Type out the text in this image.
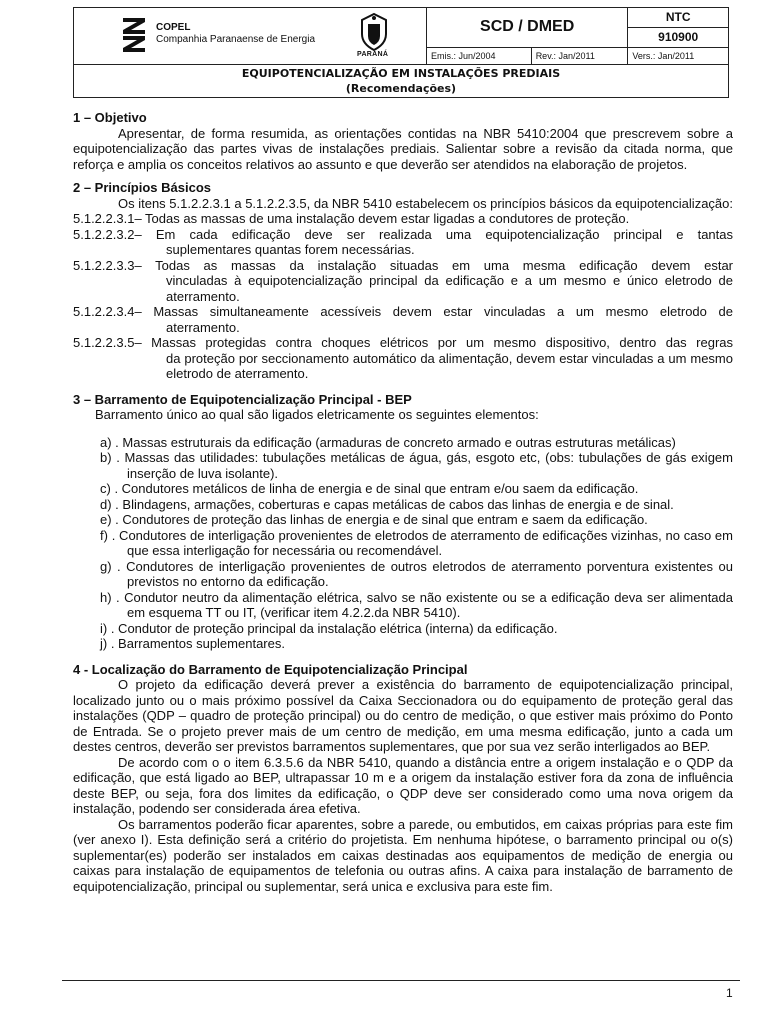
COPEL
Companhia Paranaense de Energia
PARANÁ	SCD / DMED		NTC
			910900
	Emis.: Jun/2004	Rev.: Jan/2011	Vers.: Jan/2011

EQUIPOTENCIALIZAÇÃO EM INSTALAÇÕES PREDIAIS
(Recomendações)			

1 – Objetivo

Apresentar, de forma resumida, as orientações contidas na NBR 5410:2004 que prescrevem sobre a equipotencialização das partes vivas de instalações prediais. Salientar sobre a revisão da citada norma, que reforça e amplia os conceitos relativos ao assunto e que deverão ser atendidos na elaboração de projetos.

2 – Princípios Básicos

Os itens 5.1.2.2.3.1 a 5.1.2.2.3.5, da NBR 5410 estabelecem os princípios básicos da equipotencialização:

5.1.2.2.3.1 – Todas as massas de uma instalação devem estar ligadas a condutores de proteção.
5.1.2.2.3.2 – Em cada edificação deve ser realizada uma equipotencialização principal e tantas

suplementares quantas forem necessárias.

5.1.2.2.3.3 – Todas as massas da instalação situadas em uma mesma edificação devem estar

vinculadas à equipotencialização principal da edificação e a um mesmo e único eletrodo de aterramento.

5.1.2.2.3.4 – Massas simultaneamente acessíveis devem estar vinculadas a um mesmo eletrodo de

aterramento.

5.1.2.2.3.5 – Massas protegidas contra choques elétricos por um mesmo dispositivo, dentro das regras

da proteção por seccionamento automático da alimentação, devem estar vinculadas a um mesmo eletrodo de aterramento.

3 – Barramento de Equipotencialização Principal - BEP

Barramento único ao qual são ligados eletricamente os seguintes elementos:

a) . Massas estruturais da edificação (armaduras de concreto armado e outras estruturas metálicas)

b) . Massas das utilidades: tubulações metálicas de água, gás, esgoto etc, (obs: tubulações de gás exigem inserção de luva isolante).

c) . Condutores metálicos de linha de energia e de sinal que entram e/ou saem da edificação.

d) . Blindagens, armações, coberturas e capas metálicas de cabos das linhas de energia e de sinal.

e) . Condutores de proteção das linhas de energia e de sinal que entram e saem da edificação.

f) . Condutores de interligação provenientes de eletrodos de aterramento de edificações vizinhas, no caso em que essa interligação for necessária ou recomendável.

g) . Condutores de interligação provenientes de outros eletrodos de aterramento porventura existentes ou previstos no entorno da edificação.

h) . Condutor neutro da alimentação elétrica, salvo se não existente ou se a edificação deva ser alimentada em esquema TT ou IT, (verificar item 4.2.2.da NBR 5410).

i) . Condutor de proteção principal da instalação elétrica (interna) da edificação.

j) . Barramentos suplementares.

4 - Localização do Barramento de Equipotencialização Principal

O projeto da edificação deverá prever a existência do barramento de equipotencialização principal, localizado junto ou o mais próximo possível da Caixa Seccionadora ou do equipamento de proteção geral das instalações (QDP – quadro de proteção principal) ou do centro de medição, o que estiver mais próximo do Ponto de Entrada. Se o projeto prever mais de um centro de medição, em uma mesma edificação, junto a cada um destes centros, deverão ser previstos barramentos suplementares, que por sua vez serão interligados ao BEP.

De acordo com o o item 6.3.5.6 da NBR 5410, quando a distância entre a origem instalação e o QDP da edificação, que está ligado ao BEP, ultrapassar 10 m e a origem da instalação estiver fora da zona de influência deste BEP, ou seja, fora dos limites da edificação, o QDP deve ser considerado como uma nova origem da instalação, podendo ser considerada área efetiva.

Os barramentos poderão ficar aparentes, sobre a parede, ou embutidos, em caixas próprias para este fim (ver anexo I). Esta definição será a critério do projetista. Em nenhuma hipótese, o barramento principal ou o(s) suplementar(es) poderão ser instalados em caixas destinadas aos equipamentos de medição de energia ou caixas para instalação de equipamentos de telefonia ou outras afins. A caixa para instalação de barramento de equipotencialização, principal ou suplementar, será unica e exclusiva para este fim.

1
